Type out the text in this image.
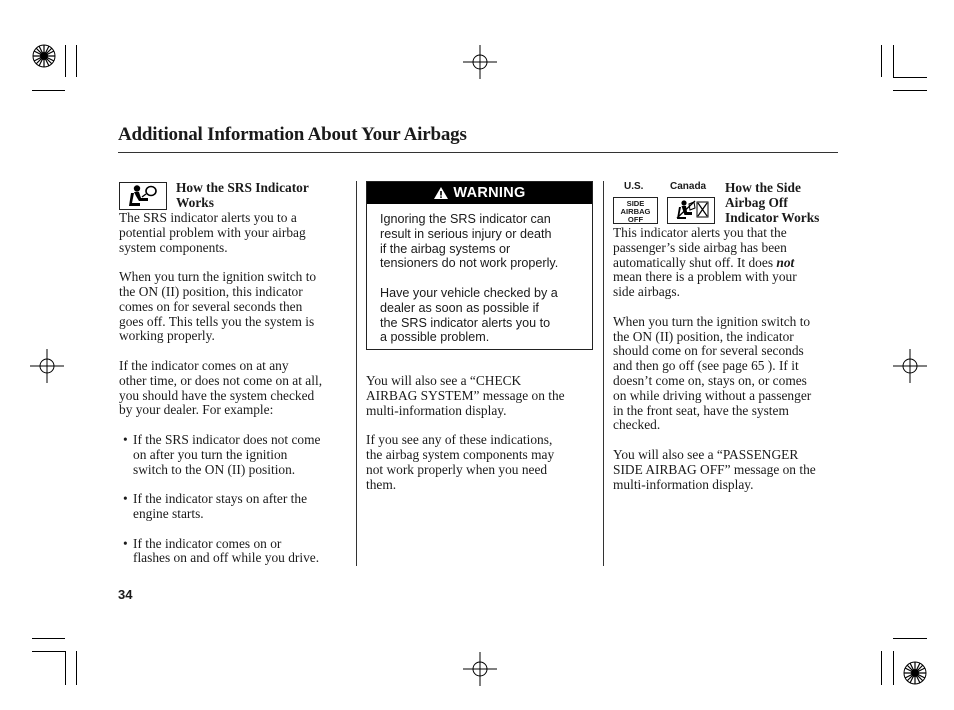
Additional Information About Your Airbags
How the SRS Indicator
Works

The SRS indicator alerts you to a
potential problem with your airbag
system components.

When you turn the ignition switch to
the ON (II) position, this indicator
comes on for several seconds then
goes off. This tells you the system is
working properly.

If the indicator comes on at any
other time, or does not come on at all,
you should have the system checked
by your dealer. For example:

• If the SRS indicator does not come
on after you turn the ignition
switch to the ON (II) position.
• If the indicator stays on after the
engine starts.
• If the indicator comes on or
flashes on and off while you drive.
WARNING

Ignoring the SRS indicator can
result in serious injury or death
if the airbag systems or
tensioners do not work properly.

Have your vehicle checked by a
dealer as soon as possible if
the SRS indicator alerts you to
a possible problem.

You will also see a “CHECK
AIRBAG SYSTEM” message on the
multi-information display.

If you see any of these indications,
the airbag system components may
not work properly when you need
them.

U.S.	Canada
SIDE
AIRBAG
OFF
How the Side
Airbag Off
Indicator Works

This indicator alerts you that the
passenger’s side airbag has been
automatically shut off. It does not
mean there is a problem with your
side airbags.

When you turn the ignition switch to
the ON (II) position, the indicator
should come on for several seconds
and then go off (see page 65 ). If it
doesn’t come on, stays on, or comes
on while driving without a passenger
in the front seat, have the system
checked.

You will also see a “PASSENGER
SIDE AIRBAG OFF” message on the
multi-information display.

34
